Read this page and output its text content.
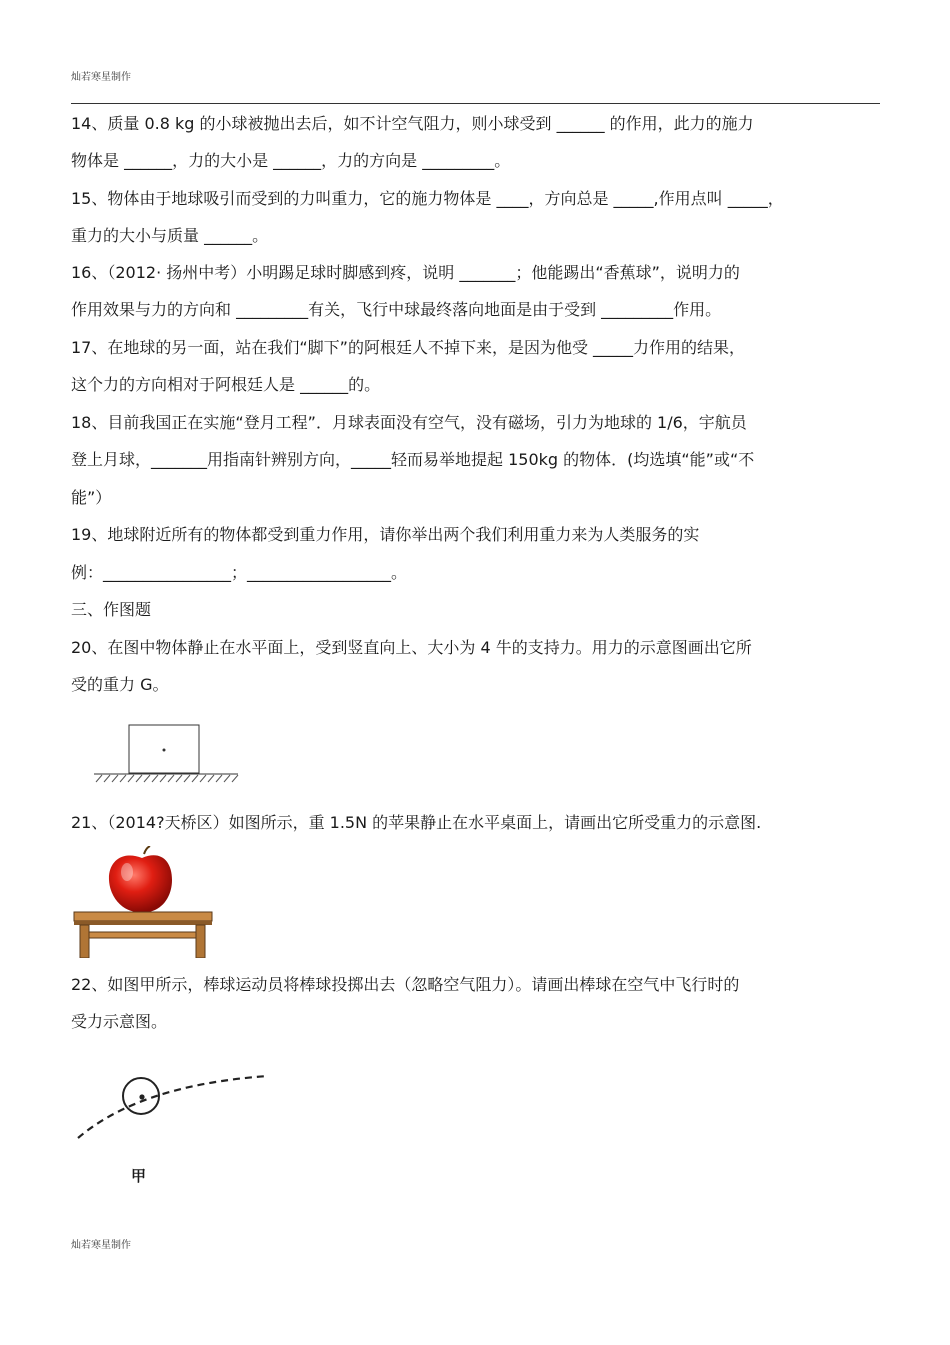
灿若寒星制作
14、质量 0.8 kg 的小球被抛出去后，如不计空气阻力，则小球受到 ______ 的作用，此力的施力
物体是 ______，力的大小是 ______，力的方向是 _________。
15、物体由于地球吸引而受到的力叫重力，它的施力物体是 ____，方向总是 _____,作用点叫 _____，
重力的大小与质量 ______。
16、（2012· 扬州中考）小明踢足球时脚感到疼，说明 _______；他能踢出“香蕉球”，说明力的
作用效果与力的方向和 _________有关，飞行中球最终落向地面是由于受到 _________作用。
17、在地球的另一面，站在我们“脚下”的阿根廷人不掉下来，是因为他受 _____力作用的结果，
这个力的方向相对于阿根廷人是 ______的。
18、目前我国正在实施“登月工程”．月球表面没有空气，没有磁场，引力为地球的 1/6，宇航员
登上月球，_______用指南针辨别方向，_____轻而易举地提起 150kg 的物体．(均选填“能”或“不
能”）
19、地球附近所有的物体都受到重力作用，请你举出两个我们利用重力来为人类服务的实
例：________________；__________________。
三、作图题
20、在图中物体静止在水平面上，受到竖直向上、大小为 4 牛的支持力。用力的示意图画出它所
受的重力 G。
21、（2014?天桥区）如图所示，重 1.5N 的苹果静止在水平桌面上，请画出它所受重力的示意图.
22、如图甲所示，棒球运动员将棒球投掷出去（忽略空气阻力）。请画出棒球在空气中飞行时的
受力示意图。
甲
灿若寒星制作
